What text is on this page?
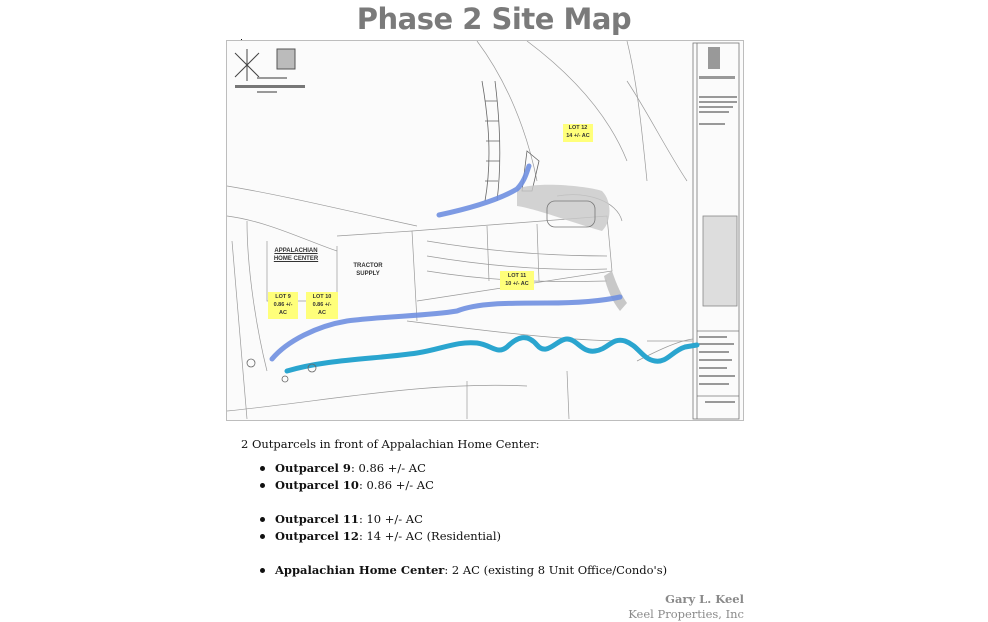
Phase 2 Site Map
APPALACHIAN
HOME CENTER
TRACTOR
SUPPLY
LOT 9
0.86 +/-
AC
LOT 10
0.86 +/-
AC
LOT 11
10 +/- AC
LOT 12
14 +/- AC
2 Outparcels in front of Appalachian Home Center:
Outparcel 9: 0.86 +/- AC
Outparcel 10: 0.86 +/- AC
Outparcel 11: 10 +/- AC
Outparcel 12: 14 +/- AC (Residential)
Appalachian Home Center: 2 AC (existing 8 Unit Office/Condo's)
Gary L. Keel
Keel Properties, Inc
